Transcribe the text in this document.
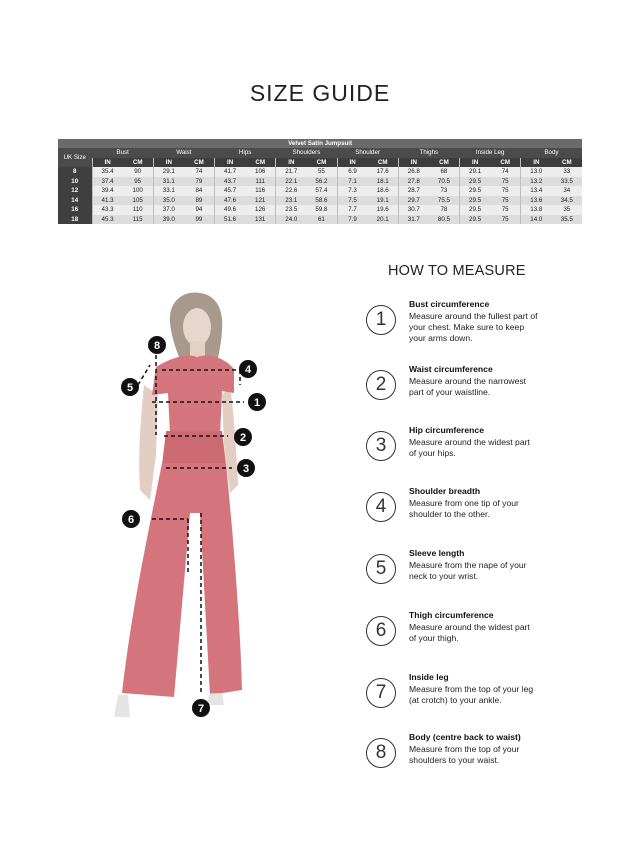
SIZE GUIDE
Velvet Satin Jumpsuit																
UK Size	Bust		Waist		Hips		Shoulders		Shoulder		Thighs		Inside Leg		Body	
	IN	CM	IN	CM	IN	CM	IN	CM	IN	CM	IN	CM	IN	CM	IN	CM
8	35.4	90	29.1	74	41.7	106	21.7	55	6.9	17.6	26.8	68	29.1	74	13.0	33
10	37.4	95	31.1	79	43.7	111	22.1	56.2	7.1	18.1	27.8	70.5	29.5	75	13.2	33.5
12	39.4	100	33.1	84	45.7	116	22.6	57.4	7.3	18.6	28.7	73	29.5	75	13.4	34
14	41.3	105	35.0	89	47.6	121	23.1	58.6	7.5	19.1	29.7	75.5	29.5	75	13.6	34.5
16	43.3	110	37.0	94	49.6	126	23.5	59.8	7.7	19.6	30.7	78	29.5	75	13.8	35
18	45.3	115	39.0	99	51.6	131	24.0	61	7.9	20.1	31.7	80.5	29.5	75	14.0	35.5
1
2
3
4
5
6
7
8
HOW TO MEASURE
1
Bust circumference
Measure around the fullest part of
your chest. Make sure to keep
your arms down.
2
Waist circumference
Measure around the narrowest
part of your waistline.
3
Hip circumference
Measure around the widest part
of your hips.
4
Shoulder breadth
Measure from one tip of your
shoulder to the other.
5
Sleeve length
Measure from the nape of your
neck to your wrist.
6
Thigh circumference
Measure around the widest part
of your thigh.
7
Inside leg
Measure from the top of your leg
(at crotch) to your ankle.
8
Body (centre back to waist)
Measure from the top of your
shoulders to your waist.
